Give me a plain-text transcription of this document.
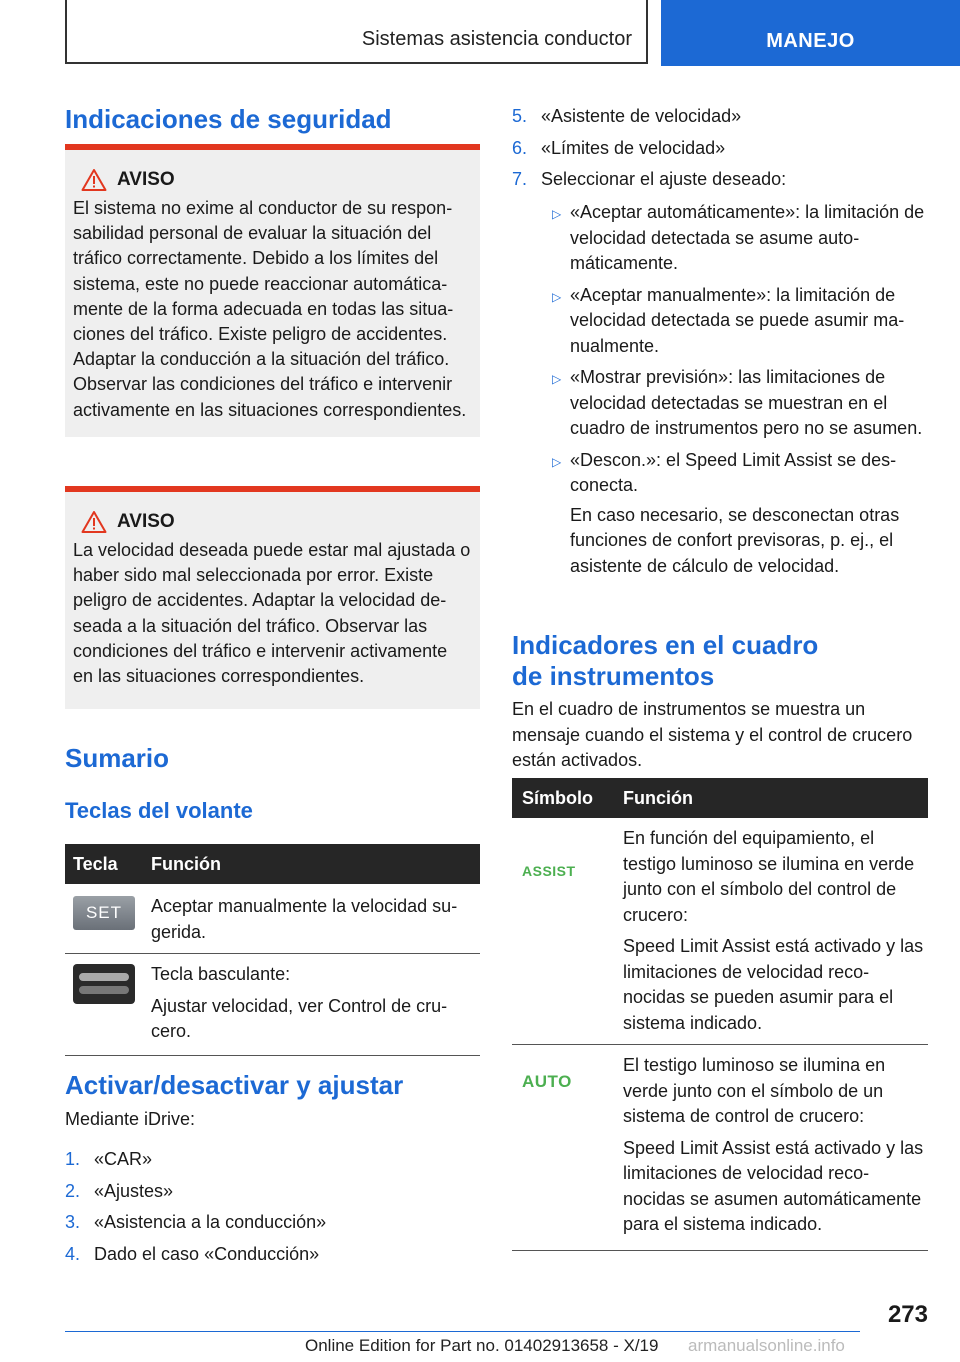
Sistemas asistencia conductor	MANEJO
Indicaciones de seguridad
AVISO

El sistema no exime al conductor de su responsabilidad personal de evaluar la situación del tráfico correctamente. Debido a los límites del sistema, este no puede reaccionar automáticamente de la forma adecuada en todas las situaciones del tráfico. Existe peligro de accidentes. Adaptar la conducción a la situación del tráfico. Observar las condiciones del tráfico e intervenir activamente en las situaciones correspondientes.

AVISO

La velocidad deseada puede estar mal ajustada o haber sido mal seleccionada por error. Existe peligro de accidentes. Adaptar la velocidad deseada a la situación del tráfico. Observar las condiciones del tráfico e intervenir activamente en las situaciones correspondientes.

Sumario
Teclas del volante
Tecla	Función

SET	Aceptar manualmente la velocidad sugerida.

	Tecla basculante:

Ajustar velocidad, ver Control de crucero.

Activar/desactivar y ajustar

Mediante iDrive:

1. «CAR»
2. «Ajustes»
3. «Asistencia a la conducción»
4. Dado el caso «Conducción»
5. «Asistente de velocidad»
6. «Límites de velocidad»
7. Seleccionar el ajuste deseado:
▷ «Aceptar automáticamente»: la limitación de velocidad detectada se asume automáticamente.
▷ «Aceptar manualmente»: la limitación de velocidad detectada se puede asumir manualmente.
▷ «Mostrar previsión»: las limitaciones de velocidad detectadas se muestran en el cuadro de instrumentos pero no se asumen.
▷ «Descon.»: el Speed Limit Assist se desconecta.
En caso necesario, se desconectan otras funciones de confort previsoras, p. ej., el asistente de cálculo de velocidad.
Indicadores en el cuadro
de instrumentos

En el cuadro de instrumentos se muestra un mensaje cuando el sistema y el control de crucero están activados.

Símbolo	Función
ASSIST	En función del equipamiento, el testigo luminoso se ilumina en verde junto con el símbolo del control de crucero:

Speed Limit Assist está activado y las limitaciones de velocidad reconocidas se pueden asumir para el sistema indicado.

AUTO	El testigo luminoso se ilumina en verde junto con el símbolo de un sistema de control de crucero:

Speed Limit Assist está activado y las limitaciones de velocidad reconocidas se asumen automáticamente para el sistema indicado.

273
Online Edition for Part no. 01402913658 - X/19 armanualsonline.info
